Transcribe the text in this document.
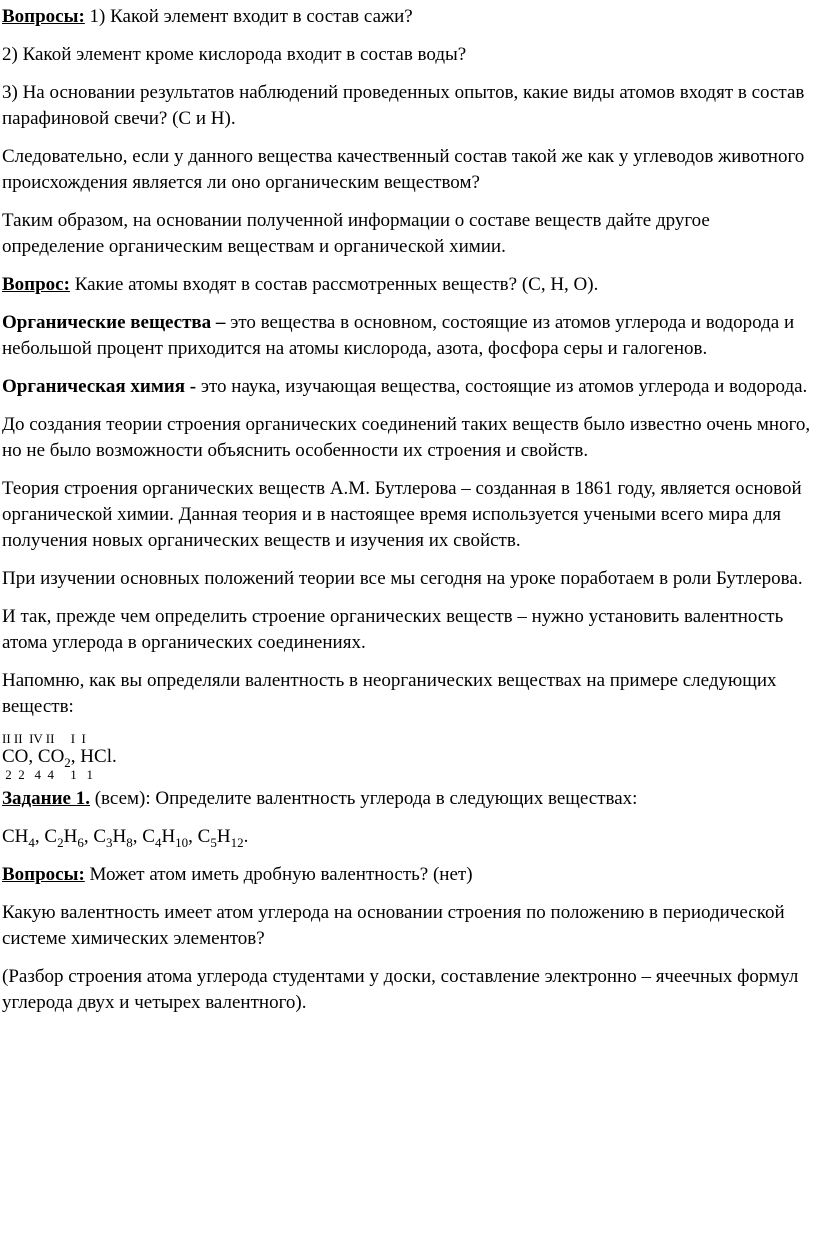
Вопросы: 1) Какой элемент входит в состав сажи?

2) Какой элемент кроме кислорода входит в состав воды?

3) На основании результатов наблюдений проведенных опытов, какие виды атомов входят в состав парафиновой свечи? (С и Н).

Следовательно, если у данного вещества качественный состав такой же как у углеводов животного происхождения является ли оно органическим веществом?

Таким образом, на основании полученной информации о составе веществ дайте другое определение органическим веществам и органической химии.

Вопрос: Какие атомы входят в состав рассмотренных веществ? (С, Н, О).

Органические вещества – это вещества в основном, состоящие из атомов углерода и водорода и небольшой процент приходится на атомы кислорода, азота, фосфора серы и галогенов.

Органическая химия - это наука, изучающая вещества, состоящие из атомов углерода и водорода.

До создания теории строения органических соединений таких веществ было известно очень много, но не было возможности объяснить особенности их строения и свойств.

Теория строения органических веществ А.М. Бутлерова – созданная в 1861 году, является основой органической химии. Данная теория и в настоящее время используется учеными всего мира для получения новых органических веществ и изучения их свойств.

При изучении основных положений теории все мы сегодня на уроке поработаем в роли Бутлерова.

И так, прежде чем определить строение органических веществ – нужно установить валентность атома углерода в органических соединениях.

Напомню, как вы определяли валентность в неорганических веществах на примере следующих веществ:

II II  IV II     I  I

CO, $CO_2$, HCl.

2  2   4  4     1   1

Задание 1. (всем): Определите валентность углерода в следующих веществах:

$CH_4$, $C_2H_6$, $C_3H_8$, $C_4H_{10}$, $C_5H_{12}$.

Вопросы: Может атом иметь дробную валентность? (нет)

Какую валентность имеет атом углерода на основании строения по положению в периодической системе химических элементов?

(Разбор строения атома углерода студентами у доски, составление электронно – ячеечных формул углерода двух и четырех валентного).
